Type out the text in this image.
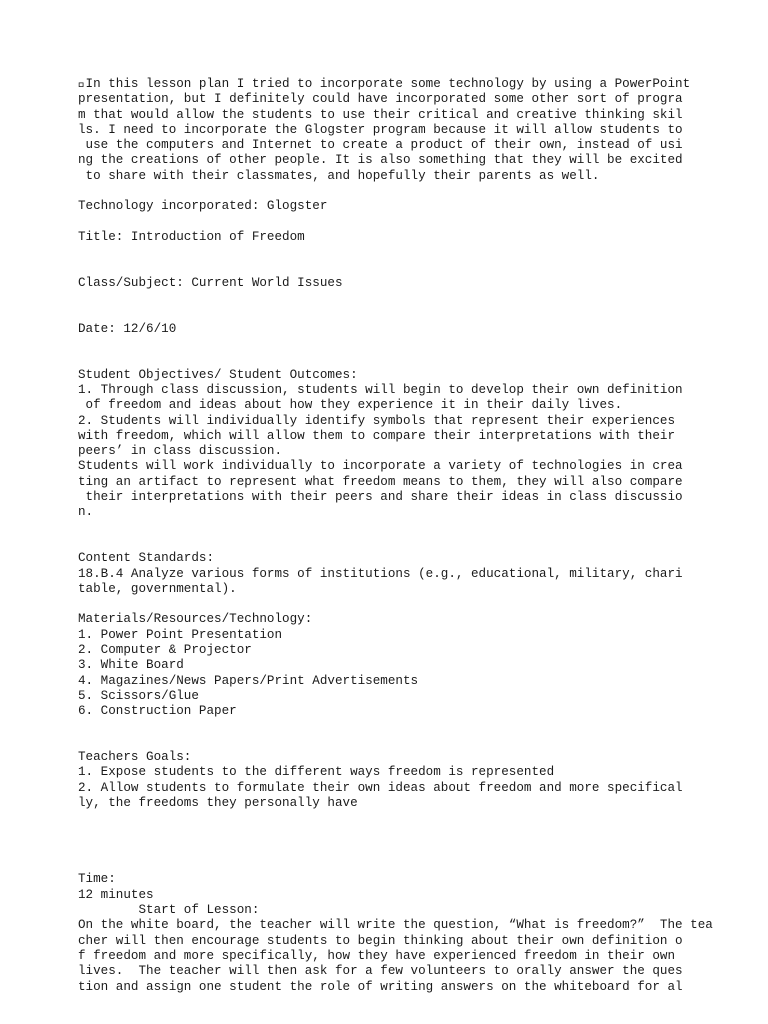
In this lesson plan I tried to incorporate some technology by using a PowerPoint
presentation, but I definitely could have incorporated some other sort of progra
m that would allow the students to use their critical and creative thinking skil
ls. I need to incorporate the Glogster program because it will allow students to
use the computers and Internet to create a product of their own, instead of usi
ng the creations of other people. It is also something that they will be excited
to share with their classmates, and hopefully their parents as well.
Technology incorporated: Glogster
Title: Introduction of Freedom
Class/Subject: Current World Issues
Date: 12/6/10
Student Objectives/ Student Outcomes:
1. Through class discussion, students will begin to develop their own definition
of freedom and ideas about how they experience it in their daily lives.
2. Students will individually identify symbols that represent their experiences
with freedom, which will allow them to compare their interpretations with their
peers’ in class discussion.
Students will work individually to incorporate a variety of technologies in crea
ting an artifact to represent what freedom means to them, they will also compare
their interpretations with their peers and share their ideas in class discussio
n.
Content Standards:
18.B.4 Analyze various forms of institutions (e.g., educational, military, chari
table, governmental).
Materials/Resources/Technology:
1. Power Point Presentation
2. Computer & Projector
3. White Board
4. Magazines/News Papers/Print Advertisements
5. Scissors/Glue
6. Construction Paper
Teachers Goals:
1. Expose students to the different ways freedom is represented
2. Allow students to formulate their own ideas about freedom and more specifical
ly, the freedoms they personally have
Time:
12 minutes
Start of Lesson:
On the white board, the teacher will write the question, “What is freedom?”  The tea
cher will then encourage students to begin thinking about their own definition o
f freedom and more specifically, how they have experienced freedom in their own
lives.  The teacher will then ask for a few volunteers to orally answer the ques
tion and assign one student the role of writing answers on the whiteboard for al
